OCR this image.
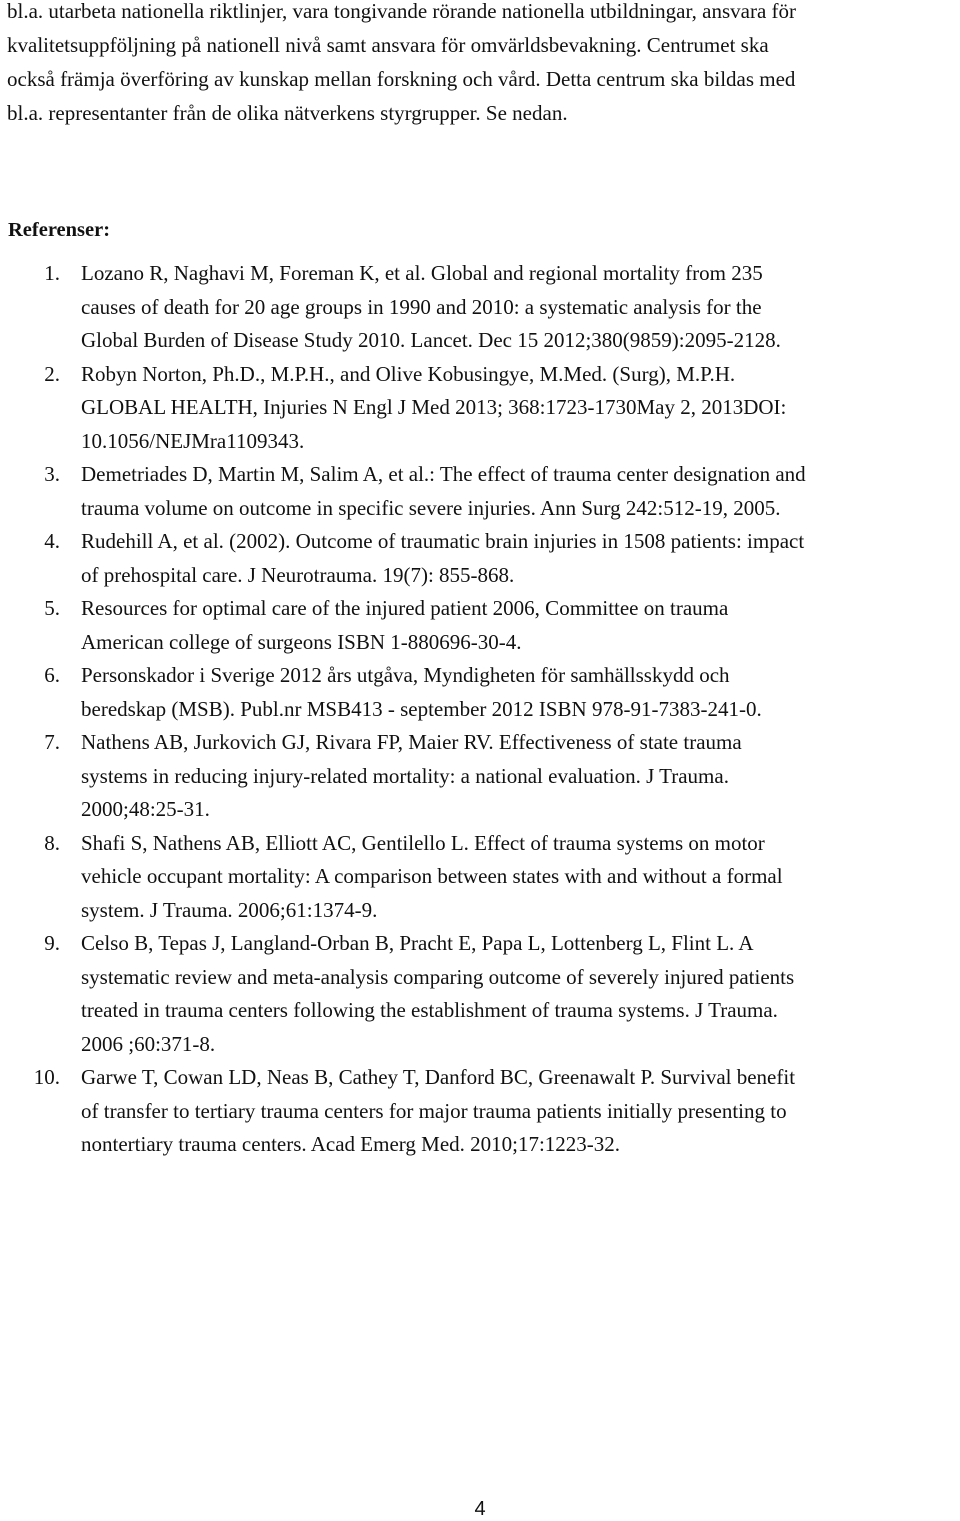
bl.a. utarbeta nationella riktlinjer, vara tongivande rörande nationella utbildningar, ansvara för
kvalitetsuppföljning på nationell nivå samt ansvara för omvärldsbevakning. Centrumet ska
också främja överföring av kunskap mellan forskning och vård. Detta centrum ska bildas med
bl.a. representanter från de olika nätverkens styrgrupper. Se nedan.
Referenser:
1. Lozano R, Naghavi M, Foreman K, et al. Global and regional mortality from 235
causes of death for 20 age groups in 1990 and 2010: a systematic analysis for the
Global Burden of Disease Study 2010. Lancet. Dec 15 2012;380(9859):2095-2128.
2. Robyn Norton, Ph.D., M.P.H., and Olive Kobusingye, M.Med. (Surg), M.P.H.
GLOBAL HEALTH, Injuries N Engl J Med 2013; 368:1723-1730May 2, 2013DOI:
10.1056/NEJMra1109343.
3. Demetriades D, Martin M, Salim A, et al.: The effect of trauma center designation and
trauma volume on outcome in specific severe injuries. Ann Surg 242:512-19, 2005.
4. Rudehill A, et al. (2002). Outcome of traumatic brain injuries in 1508 patients: impact
of prehospital care. J Neurotrauma. 19(7): 855-868.
5. Resources for optimal care of the injured patient 2006, Committee on trauma
American college of surgeons ISBN 1-880696-30-4.
6. Personskador i Sverige 2012 års utgåva, Myndigheten för samhällsskydd och
beredskap (MSB). Publ.nr MSB413 - september 2012 ISBN 978-91-7383-241-0.
7. Nathens AB, Jurkovich GJ, Rivara FP, Maier RV. Effectiveness of state trauma
systems in reducing injury-related mortality: a national evaluation. J Trauma.
2000;48:25-31.
8. Shafi S, Nathens AB, Elliott AC, Gentilello L. Effect of trauma systems on motor
vehicle occupant mortality: A comparison between states with and without a formal
system. J Trauma. 2006;61:1374-9.
9. Celso B, Tepas J, Langland-Orban B, Pracht E, Papa L, Lottenberg L, Flint L. A
systematic review and meta-analysis comparing outcome of severely injured patients
treated in trauma centers following the establishment of trauma systems. J Trauma.
2006 ;60:371-8.
10. Garwe T, Cowan LD, Neas B, Cathey T, Danford BC, Greenawalt P. Survival benefit
of transfer to tertiary trauma centers for major trauma patients initially presenting to
nontertiary trauma centers. Acad Emerg Med. 2010;17:1223-32.
4
